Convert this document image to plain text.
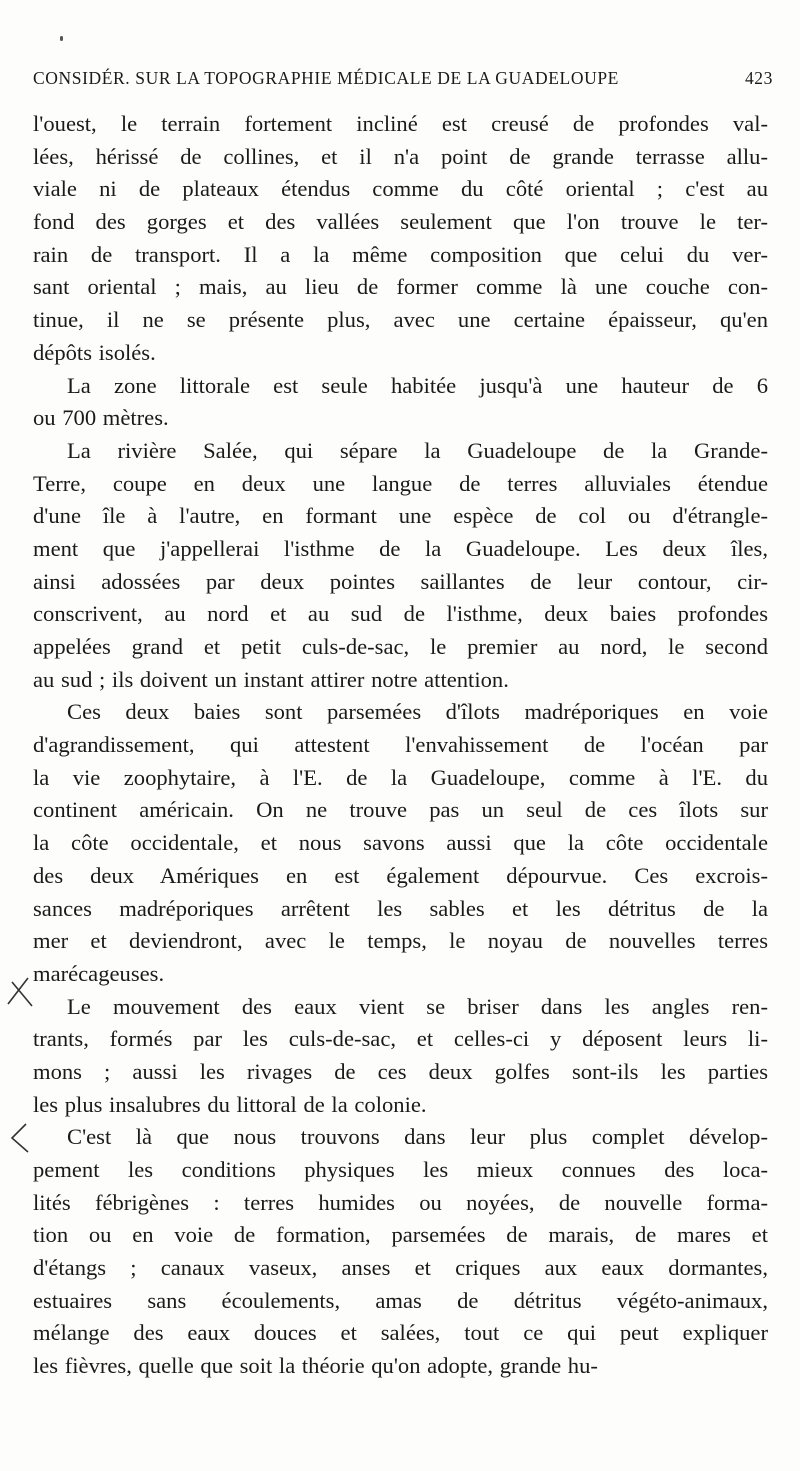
CONSIDÉR. SUR LA TOPOGRAPHIE MÉDICALE DE LA GUADELOUPE	423
l'ouest, le terrain fortement incliné est creusé de profondes val-
lées, hérissé de collines, et il n'a point de grande terrasse allu-
viale ni de plateaux étendus comme du côté oriental ; c'est au
fond des gorges et des vallées seulement que l'on trouve le ter-
rain de transport. Il a la même composition que celui du ver-
sant oriental ; mais, au lieu de former comme là une couche con-
tinue, il ne se présente plus, avec une certaine épaisseur, qu'en
dépôts isolés.
La zone littorale est seule habitée jusqu'à une hauteur de 6
ou 700 mètres.
La rivière Salée, qui sépare la Guadeloupe de la Grande-
Terre, coupe en deux une langue de terres alluviales étendue
d'une île à l'autre, en formant une espèce de col ou d'étrangle-
ment que j'appellerai l'isthme de la Guadeloupe. Les deux îles,
ainsi adossées par deux pointes saillantes de leur contour, cir-
conscrivent, au nord et au sud de l'isthme, deux baies profondes
appelées grand et petit culs-de-sac, le premier au nord, le second
au sud ; ils doivent un instant attirer notre attention.
Ces deux baies sont parsemées d'îlots madréporiques en voie
d'agrandissement, qui attestent l'envahissement de l'océan par
la vie zoophytaire, à l'E. de la Guadeloupe, comme à l'E. du
continent américain. On ne trouve pas un seul de ces îlots sur
la côte occidentale, et nous savons aussi que la côte occidentale
des deux Amériques en est également dépourvue. Ces excrois-
sances madréporiques arrêtent les sables et les détritus de la
mer et deviendront, avec le temps, le noyau de nouvelles terres
marécageuses.
Le mouvement des eaux vient se briser dans les angles ren-
trants, formés par les culs-de-sac, et celles-ci y déposent leurs li-
mons ; aussi les rivages de ces deux golfes sont-ils les parties
les plus insalubres du littoral de la colonie.
C'est là que nous trouvons dans leur plus complet dévelop-
pement les conditions physiques les mieux connues des loca-
lités fébrigènes : terres humides ou noyées, de nouvelle forma-
tion ou en voie de formation, parsemées de marais, de mares et
d'étangs ; canaux vaseux, anses et criques aux eaux dormantes,
estuaires sans écoulements, amas de détritus végéto-animaux,
mélange des eaux douces et salées, tout ce qui peut expliquer
les fièvres, quelle que soit la théorie qu'on adopte, grande hu-
